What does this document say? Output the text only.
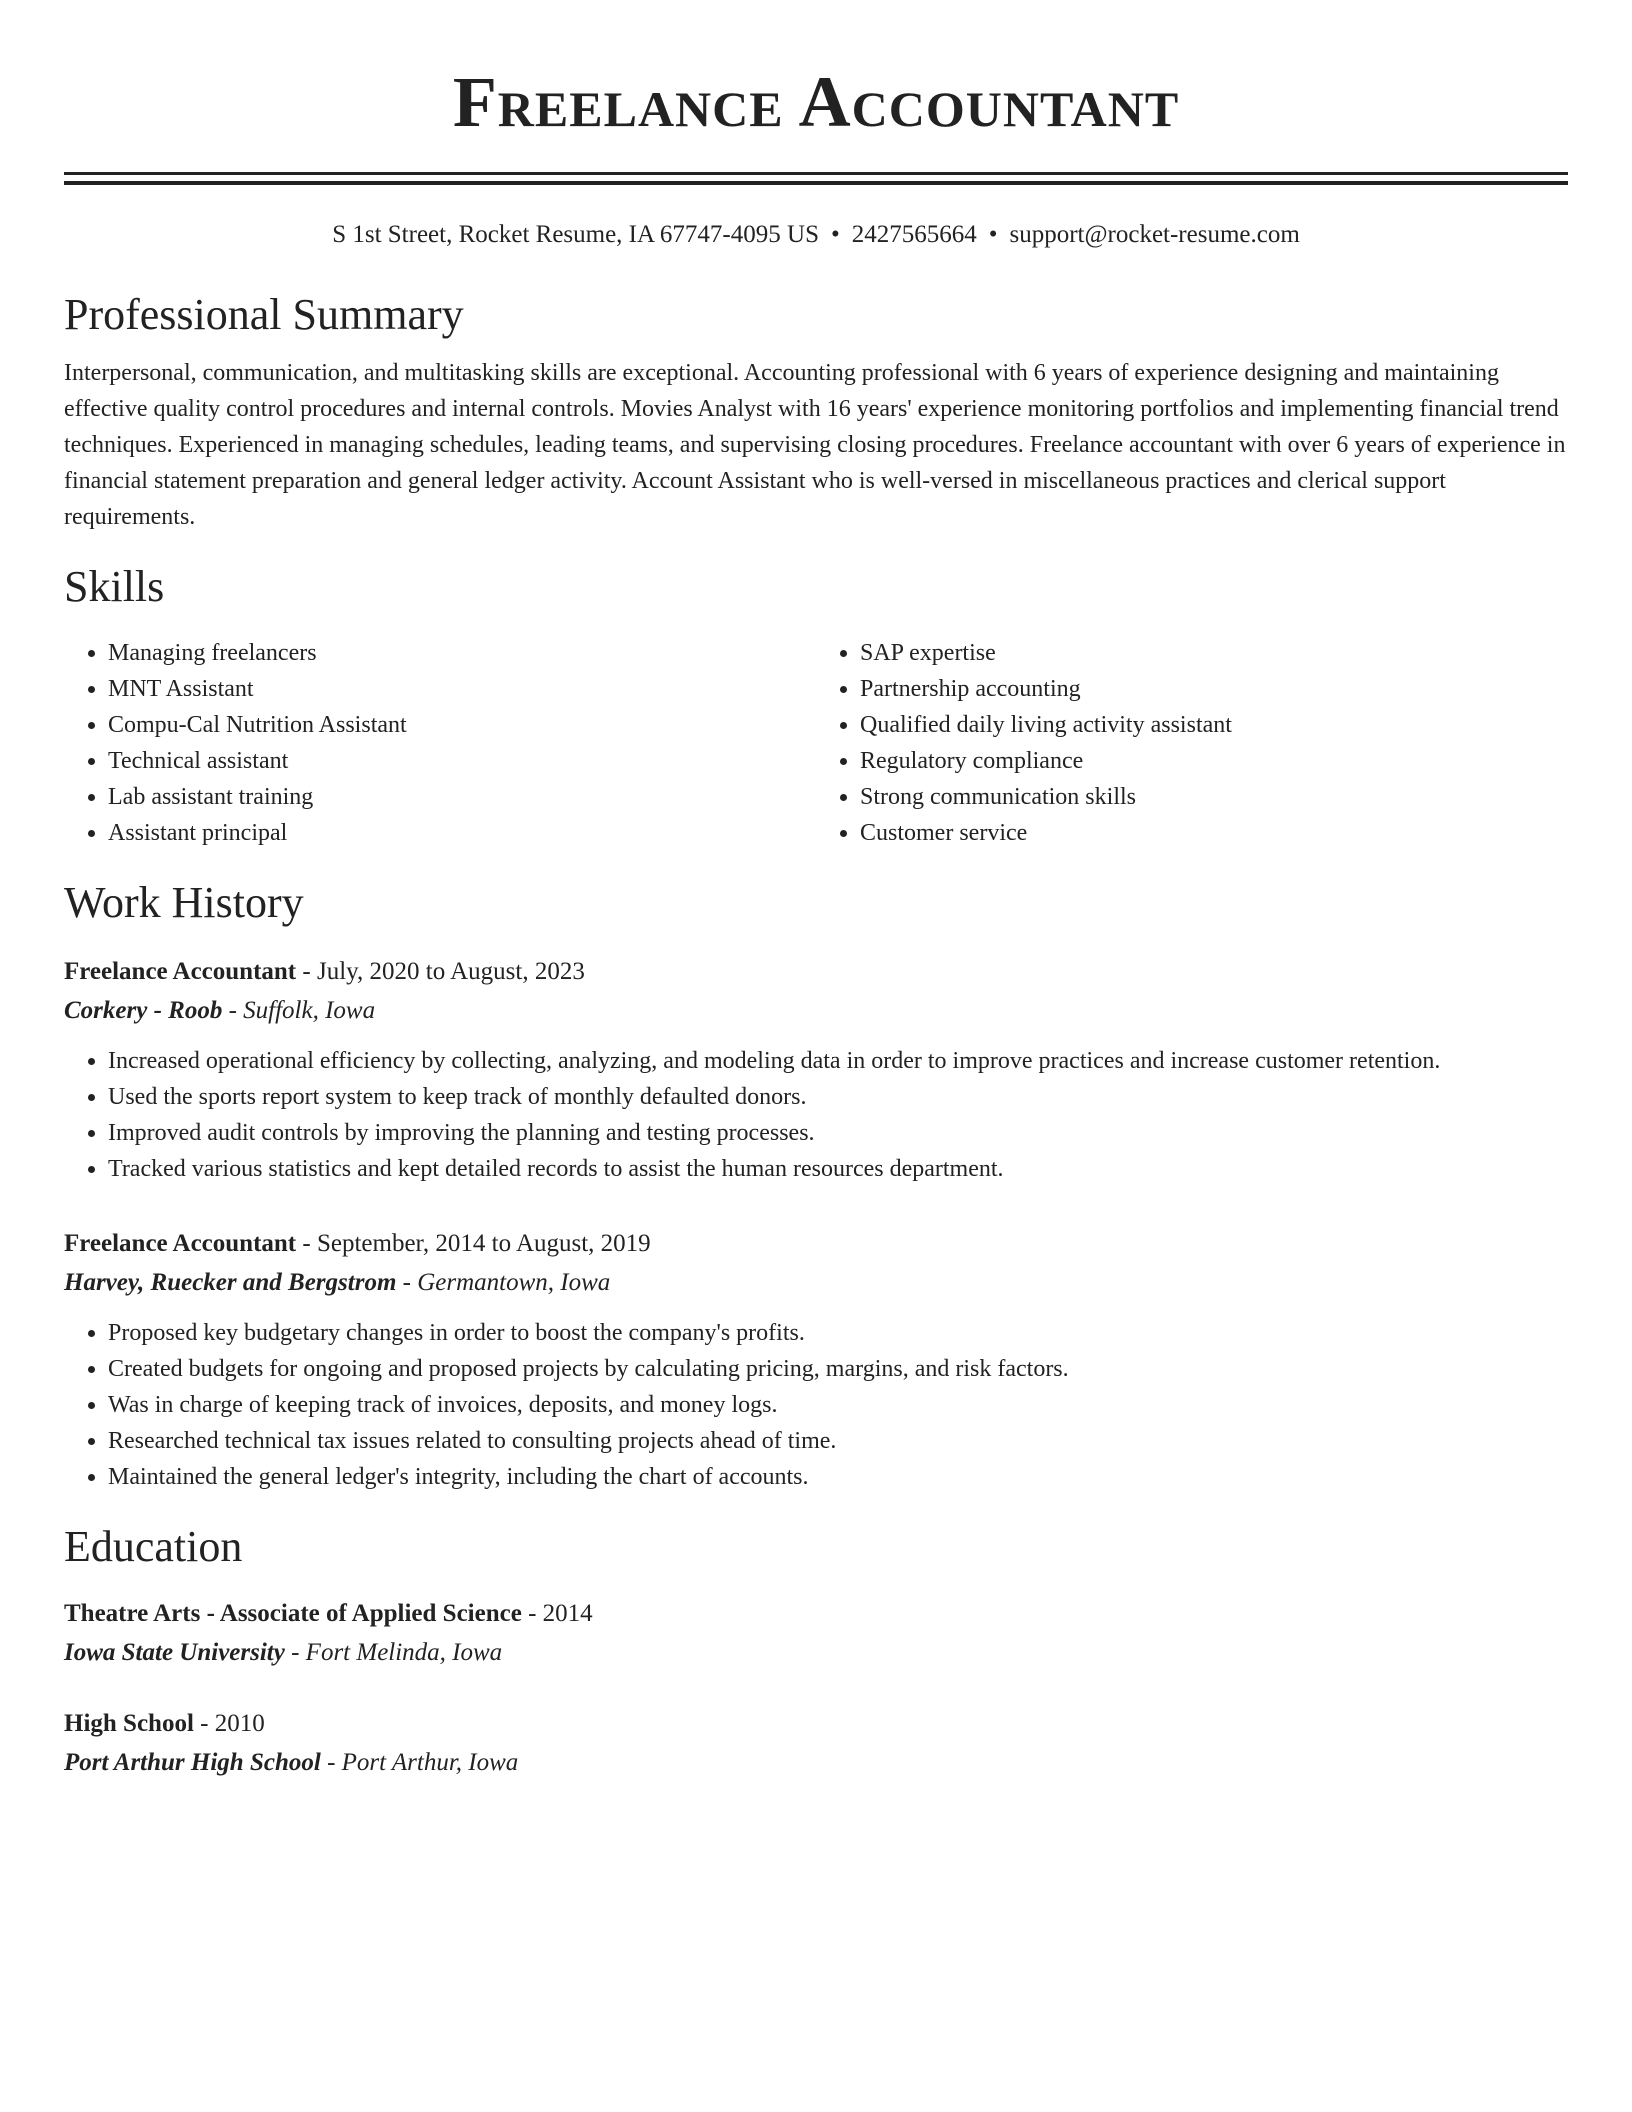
Freelance Accountant
S 1st Street, Rocket Resume, IA 67747-4095 US • 2427565664 • support@rocket-resume.com
Professional Summary

Interpersonal, communication, and multitasking skills are exceptional. Accounting professional with 6 years of experience designing and maintaining effective quality control procedures and internal controls. Movies Analyst with 16 years' experience monitoring portfolios and implementing financial trend techniques. Experienced in managing schedules, leading teams, and supervising closing procedures. Freelance accountant with over 6 years of experience in financial statement preparation and general ledger activity. Account Assistant who is well-versed in miscellaneous practices and clerical support requirements.

Skills
• Managing freelancers
• MNT Assistant
• Compu-Cal Nutrition Assistant
• Technical assistant
• Lab assistant training
• Assistant principal
• SAP expertise
• Partnership accounting
• Qualified daily living activity assistant
• Regulatory compliance
• Strong communication skills
• Customer service
Work History
Freelance Accountant - July, 2020 to August, 2023
Corkery - Roob - Suffolk, Iowa
• Increased operational efficiency by collecting, analyzing, and modeling data in order to improve practices and increase customer retention.
• Used the sports report system to keep track of monthly defaulted donors.
• Improved audit controls by improving the planning and testing processes.
• Tracked various statistics and kept detailed records to assist the human resources department.
Freelance Accountant - September, 2014 to August, 2019
Harvey, Ruecker and Bergstrom - Germantown, Iowa
• Proposed key budgetary changes in order to boost the company's profits.
• Created budgets for ongoing and proposed projects by calculating pricing, margins, and risk factors.
• Was in charge of keeping track of invoices, deposits, and money logs.
• Researched technical tax issues related to consulting projects ahead of time.
• Maintained the general ledger's integrity, including the chart of accounts.
Education
Theatre Arts - Associate of Applied Science - 2014
Iowa State University - Fort Melinda, Iowa
High School - 2010
Port Arthur High School - Port Arthur, Iowa
